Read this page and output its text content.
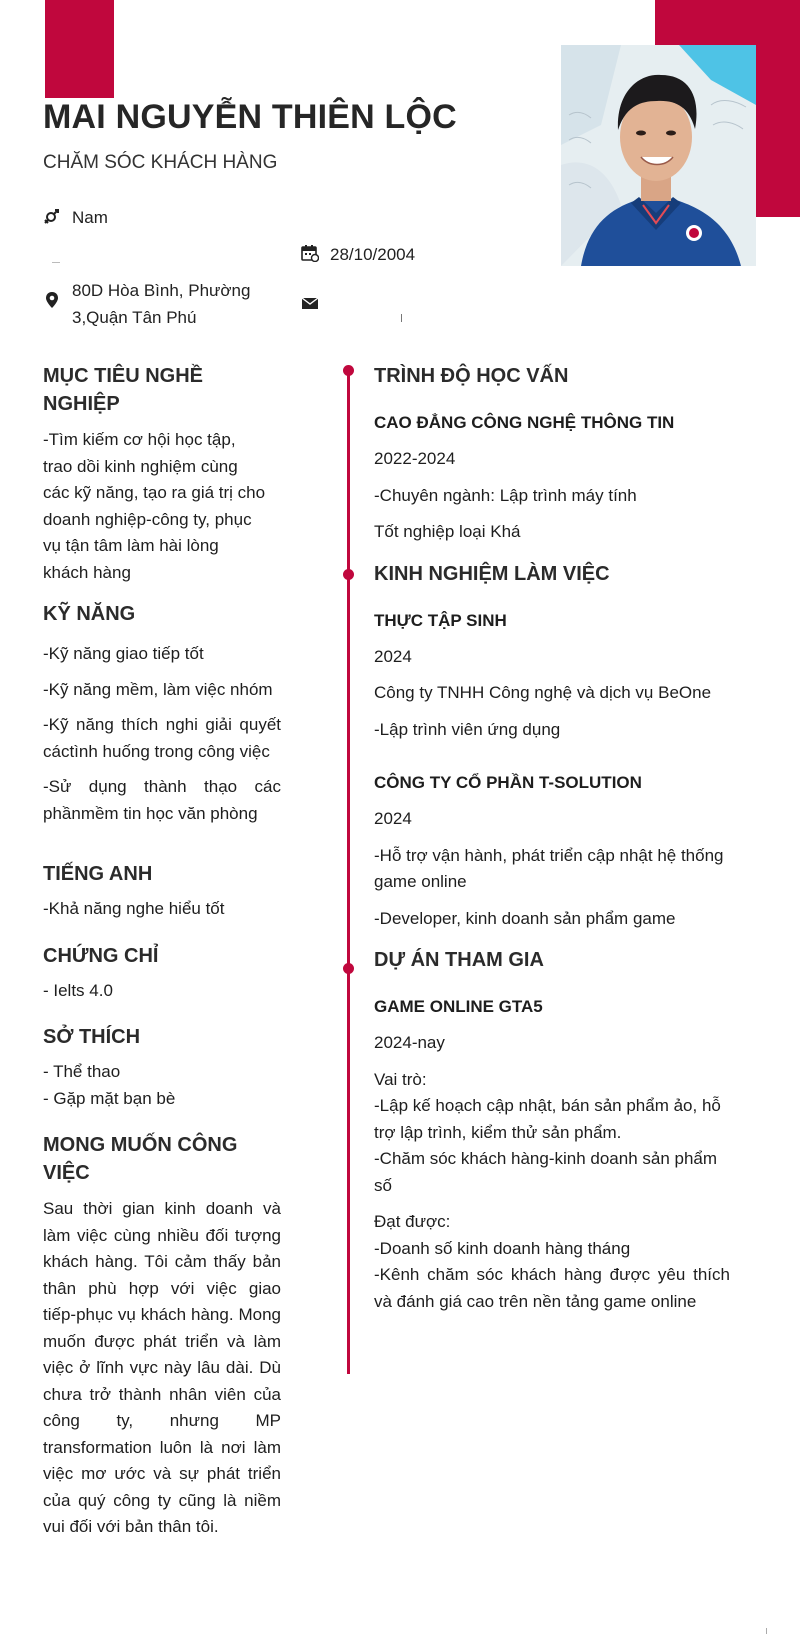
MAI NGUYỄN THIÊN LỘC
CHĂM SÓC KHÁCH HÀNG
Nam
28/10/2004
80D Hòa Bình, Phường
3,Quận Tân Phú
MỤC TIÊU NGHỀ NGHIỆP

-Tìm kiếm cơ hội học tập,

trao dồi kinh nghiệm cùng

các kỹ năng, tạo ra giá trị cho

doanh nghiệp-công ty, phục

vụ tận tâm làm hài lòng

khách hàng

KỸ NĂNG

-Kỹ năng giao tiếp tốt

-Kỹ năng mềm, làm việc nhóm

-Kỹ năng thích nghi giải quyết cáctình huống trong công việc

-Sử dụng thành thạo các phầnmềm tin học văn phòng

TIẾNG ANH

-Khả năng nghe hiểu tốt

CHỨNG CHỈ

- Ielts 4.0

SỞ THÍCH

- Thể thao

- Gặp mặt bạn bè

MONG MUỐN CÔNG VIỆC

Sau thời gian kinh doanh và làm việc cùng nhiều đối tượng khách hàng. Tôi cảm thấy bản thân phù hợp với việc giao tiếp-phục vụ khách hàng. Mong muốn được phát triển và làm việc ở lĩnh vực này lâu dài. Dù chưa trở thành nhân viên của công ty, nhưng MP transformation luôn là nơi làm việc mơ ước và sự phát triển của quý công ty cũng là niềm vui đối với bản thân tôi.

TRÌNH ĐỘ HỌC VẤN

CAO ĐẲNG CÔNG NGHỆ THÔNG TIN

2022-2024

-Chuyên ngành: Lập trình máy tính

Tốt nghiệp loại Khá

KINH NGHIỆM LÀM VIỆC

THỰC TẬP SINH

2024

Công ty TNHH Công nghệ và dịch vụ BeOne

-Lập trình viên ứng dụng

CÔNG TY CỔ PHẦN T-SOLUTION

2024

-Hỗ trợ vận hành, phát triển cập nhật hệ thống game online

-Developer, kinh doanh sản phẩm game

DỰ ÁN THAM GIA

GAME ONLINE GTA5

2024-nay

Vai trò:

-Lập kế hoạch cập nhật, bán sản phẩm ảo, hỗ trợ lập trình, kiểm thử sản phẩm.

-Chăm sóc khách hàng-kinh doanh sản phẩm số

Đạt được:

-Doanh số kinh doanh hàng tháng

-Kênh chăm sóc khách hàng được yêu thích và đánh giá cao trên nền tảng game online
